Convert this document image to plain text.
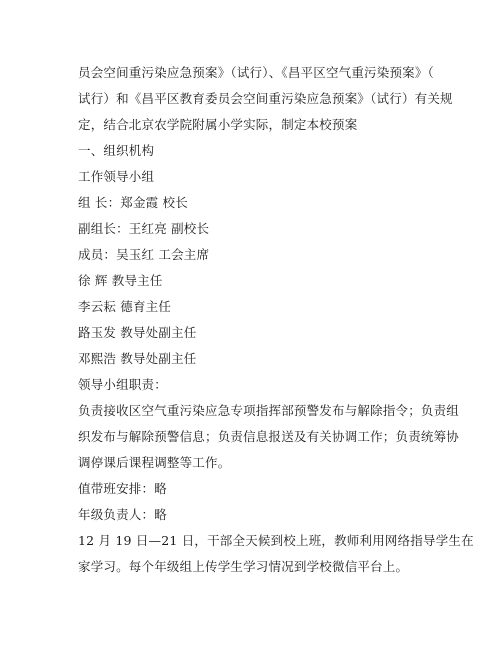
员会空间重污染应急预案》（试行）、《昌平区空气重污染预案》（
试行）和《昌平区教育委员会空间重污染应急预案》（试行）有关规
定，结合北京农学院附属小学实际，制定本校预案
一、组织机构
工作领导小组
组 长：郑金霞 校长
副组长：王红亮 副校长
成员：吴玉红 工会主席
徐 辉 教导主任
李云耘 德育主任
路玉发 教导处副主任
邓熙浩 教导处副主任
领导小组职责：
负责接收区空气重污染应急专项指挥部预警发布与解除指令；负责组
织发布与解除预警信息；负责信息报送及有关协调工作；负责统筹协
调停课后课程调整等工作。
值带班安排：略
年级负责人：略
12 月 19 日—21 日，干部全天候到校上班，教师利用网络指导学生在
家学习。每个年级组上传学生学习情况到学校微信平台上。
